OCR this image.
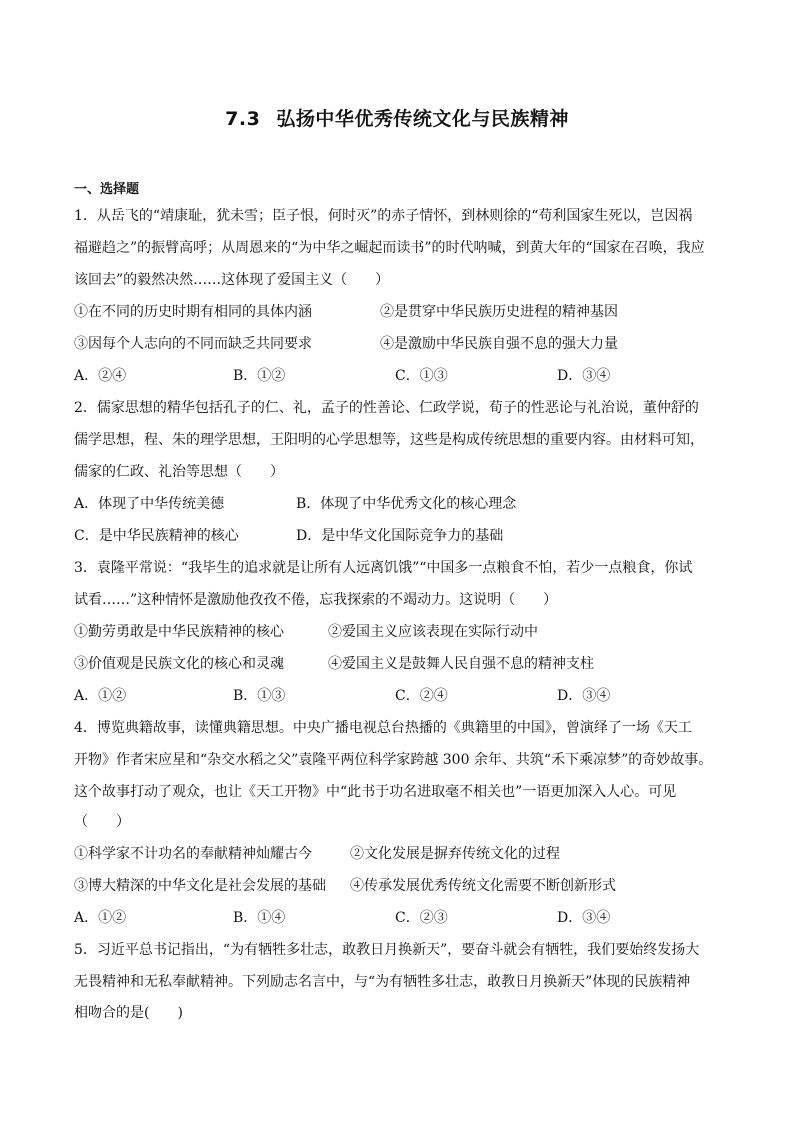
7.3 弘扬中华优秀传统文化与民族精神
一、选择题
1．从岳飞的“靖康耻，犹未雪；臣子恨，何时灭”的赤子情怀，到林则徐的“苟利国家生死以，岂因祸
福避趋之”的振臂高呼；从周恩来的“为中华之崛起而读书”的时代呐喊，到黄大年的“国家在召唤，我应
该回去”的毅然决然……这体现了爱国主义（　　）
①在不同的历史时期有相同的具体内涵	②是贯穿中华民族历史进程的精神基因
③因每个人志向的不同而缺乏共同要求	④是激励中华民族自强不息的强大力量
A．②④	B．①②	C．①③	D．③④
2．儒家思想的精华包括孔子的仁、礼，孟子的性善论、仁政学说，荀子的性恶论与礼治说，董仲舒的
儒学思想，程、朱的理学思想，王阳明的心学思想等，这些是构成传统思想的重要内容。由材料可知，
儒家的仁政、礼治等思想（　　）
A．体现了中华传统美德	B．体现了中华优秀文化的核心理念
C．是中华民族精神的核心	D．是中华文化国际竞争力的基础
3．袁隆平常说：“我毕生的追求就是让所有人远离饥饿”“中国多一点粮食不怕，若少一点粮食，你试
试看……”这种情怀是激励他孜孜不倦，忘我探索的不竭动力。这说明（　　）
①勤劳勇敢是中华民族精神的核心	②爱国主义应该表现在实际行动中
③价值观是民族文化的核心和灵魂	④爱国主义是鼓舞人民自强不息的精神支柱
A．①②	B．①③	C．②④	D．③④
4．博览典籍故事，读懂典籍思想。中央广播电视总台热播的《典籍里的中国》，曾演绎了一场《天工
开物》作者宋应星和“杂交水稻之父”袁隆平两位科学家跨越 300 余年、共筑“禾下乘凉梦”的奇妙故事。
这个故事打动了观众，也让《天工开物》中“此书于功名进取毫不相关也”一语更加深入人心。可见
（　　）
①科学家不计功名的奉献精神灿耀古今	②文化发展是摒弃传统文化的过程
③博大精深的中华文化是社会发展的基础 ④传承发展优秀传统文化需要不断创新形式
A．①②	B．①④	C．②③	D．③④
5．习近平总书记指出，“为有牺牲多壮志，敢教日月换新天”，要奋斗就会有牺牲，我们要始终发扬大
无畏精神和无私奉献精神。下列励志名言中，与“为有牺牲多壮志，敢教日月换新天”体现的民族精神
相吻合的是(　　)
